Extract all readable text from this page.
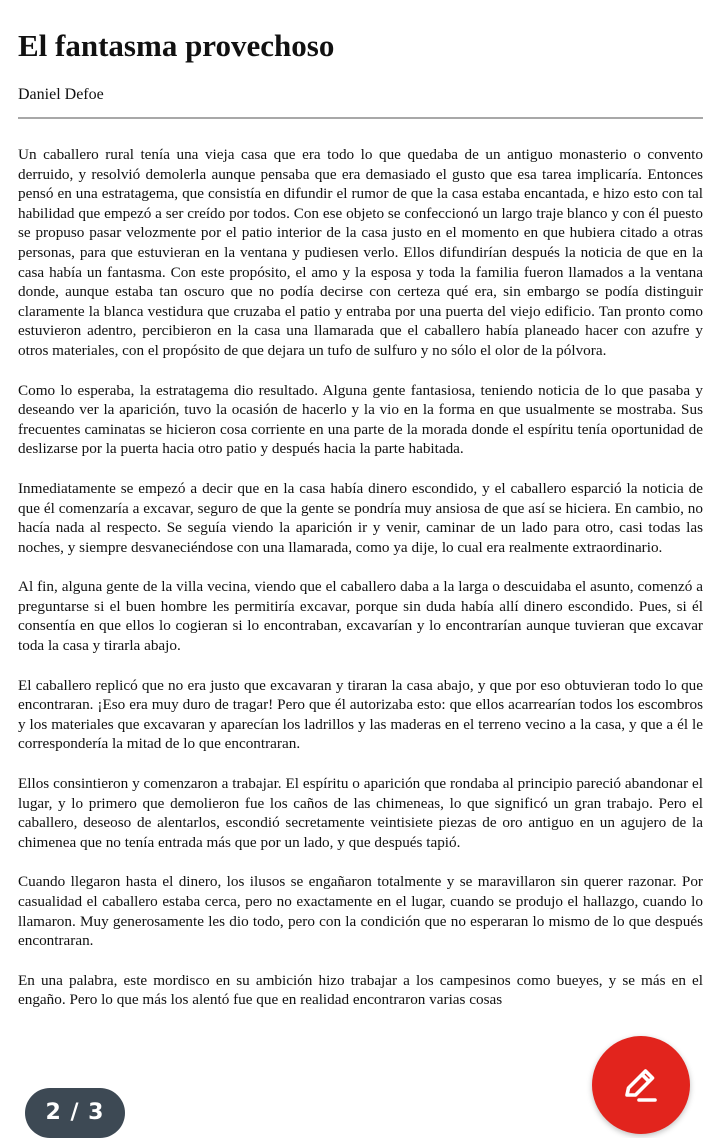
El fantasma provechoso
Daniel Defoe

Un caballero rural tenía una vieja casa que era todo lo que quedaba de un antiguo monasterio o convento derruido, y resolvió demolerla aunque pensaba que era demasiado el gusto que esa tarea implicaría. Entonces pensó en una estratagema, que consistía en difundir el rumor de que la casa estaba encantada, e hizo esto con tal habilidad que empezó a ser creído por todos. Con ese objeto se confeccionó un largo traje blanco y con él puesto se propuso pasar velozmente por el patio interior de la casa justo en el momento en que hubiera citado a otras personas, para que estuvieran en la ventana y pudiesen verlo. Ellos difundirían después la noticia de que en la casa había un fantasma. Con este propósito, el amo y la esposa y toda la familia fueron llamados a la ventana donde, aunque estaba tan oscuro que no podía decirse con certeza qué era, sin embargo se podía distinguir claramente la blanca vestidura que cruzaba el patio y entraba por una puerta del viejo edificio. Tan pronto como estuvieron adentro, percibieron en la casa una llamarada que el caballero había planeado hacer con azufre y otros materiales, con el propósito de que dejara un tufo de sulfuro y no sólo el olor de la pólvora.

Como lo esperaba, la estratagema dio resultado. Alguna gente fantasiosa, teniendo noticia de lo que pasaba y deseando ver la aparición, tuvo la ocasión de hacerlo y la vio en la forma en que usualmente se mostraba. Sus frecuentes caminatas se hicieron cosa corriente en una parte de la morada donde el espíritu tenía oportunidad de deslizarse por la puerta hacia otro patio y después hacia la parte habitada.

Inmediatamente se empezó a decir que en la casa había dinero escondido, y el caballero esparció la noticia de que él comenzaría a excavar, seguro de que la gente se pondría muy ansiosa de que así se hiciera. En cambio, no hacía nada al respecto. Se seguía viendo la aparición ir y venir, caminar de un lado para otro, casi todas las noches, y siempre desvaneciéndose con una llamarada, como ya dije, lo cual era realmente extraordinario.

Al fin, alguna gente de la villa vecina, viendo que el caballero daba a la larga o descuidaba el asunto, comenzó a preguntarse si el buen hombre les permitiría excavar, porque sin duda había allí dinero escondido. Pues, si él consentía en que ellos lo cogieran si lo encontraban, excavarían y lo encontrarían aunque tuvieran que excavar toda la casa y tirarla abajo.

El caballero replicó que no era justo que excavaran y tiraran la casa abajo, y que por eso obtuvieran todo lo que encontraran. ¡Eso era muy duro de tragar! Pero que él autorizaba esto: que ellos acarrearían todos los escombros y los materiales que excavaran y aparecían los ladrillos y las maderas en el terreno vecino a la casa, y que a él le correspondería la mitad de lo que encontraran.

Ellos consintieron y comenzaron a trabajar. El espíritu o aparición que rondaba al principio pareció abandonar el lugar, y lo primero que demolieron fue los caños de las chimeneas, lo que significó un gran trabajo. Pero el caballero, deseoso de alentarlos, escondió secretamente veintisiete piezas de oro antiguo en un agujero de la chimenea que no tenía entrada más que por un lado, y que después tapió.

Cuando llegaron hasta el dinero, los ilusos se engañaron totalmente y se maravillaron sin querer razonar. Por casualidad el caballero estaba cerca, pero no exactamente en el lugar, cuando se produjo el hallazgo, cuando lo llamaron. Muy generosamente les dio todo, pero con la condición que no esperaran lo mismo de lo que después encontraran.

En una palabra, este mordisco en su ambición hizo trabajar a los campesinos como bueyes, y se más en el engaño. Pero lo que más los alentó fue que en realidad encontraron varias cosas

2 / 3
